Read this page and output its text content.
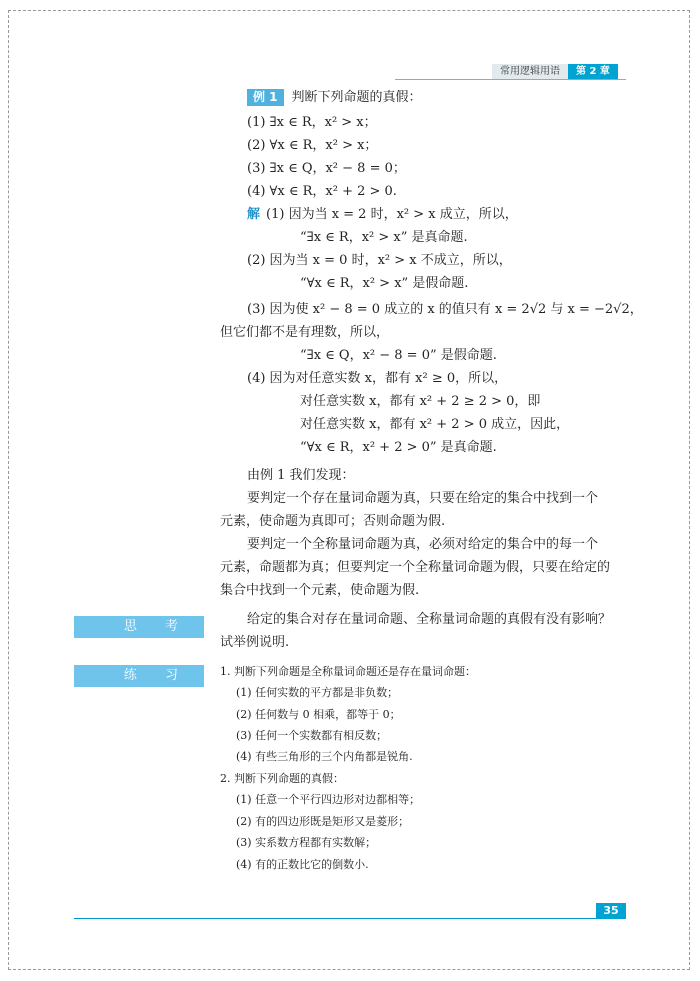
常用逻辑用语	第 2 章
例 1 判断下列命题的真假：
(1) ∃x ∈ R，x² > x；
(2) ∀x ∈ R，x² > x；
(3) ∃x ∈ Q，x² − 8 = 0；
(4) ∀x ∈ R，x² + 2 > 0.
解 (1) 因为当 x = 2 时，x² > x 成立，所以，
“∃x ∈ R，x² > x” 是真命题.
(2) 因为当 x = 0 时，x² > x 不成立，所以，
“∀x ∈ R，x² > x” 是假命题.
(3) 因为使 x² − 8 = 0 成立的 x 的值只有 x = 2√2 与 x = −2√2，
但它们都不是有理数，所以，
“∃x ∈ Q，x² − 8 = 0” 是假命题.
(4) 因为对任意实数 x，都有 x² ≥ 0，所以，
对任意实数 x，都有 x² + 2 ≥ 2 > 0，即
对任意实数 x，都有 x² + 2 > 0 成立，因此，
“∀x ∈ R，x² + 2 > 0” 是真命题.
由例 1 我们发现：
要判定一个存在量词命题为真，只要在给定的集合中找到一个
元素，使命题为真即可；否则命题为假.
要判定一个全称量词命题为真，必须对给定的集合中的每一个
元素，命题都为真；但要判定一个全称量词命题为假，只要在给定的
集合中找到一个元素，使命题为假.
思 考	给定的集合对存在量词命题、全称量词命题的真假有没有影响？
试举例说明.
练 习	1. 判断下列命题是全称量词命题还是存在量词命题：
(1) 任何实数的平方都是非负数；
(2) 任何数与 0 相乘，都等于 0；
(3) 任何一个实数都有相反数；
(4) 有些三角形的三个内角都是锐角.
2. 判断下列命题的真假：
(1) 任意一个平行四边形对边都相等；
(2) 有的四边形既是矩形又是菱形；
(3) 实系数方程都有实数解；
(4) 有的正数比它的倒数小.
35
